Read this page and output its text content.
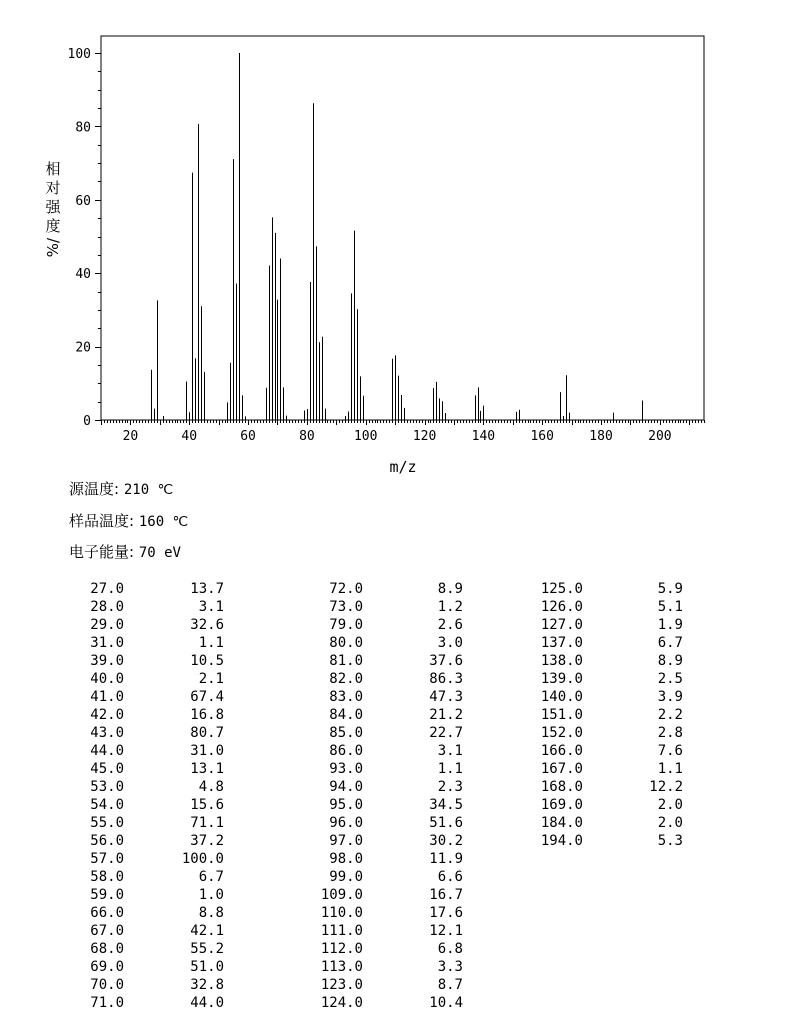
20	40	60	80	100	120	140	160	180	200
0
20
40
60
80
100
m/z
相
对
强
度
%/
源温度: 210 ℃
样品温度: 160 ℃
电子能量: 70 eV
27.0	13.7
28.0	3.1
29.0	32.6
31.0	1.1
39.0	10.5
40.0	2.1
41.0	67.4
42.0	16.8
43.0	80.7
44.0	31.0
45.0	13.1
53.0	4.8
54.0	15.6
55.0	71.1
56.0	37.2
57.0	100.0
58.0	6.7
59.0	1.0
66.0	8.8
67.0	42.1
68.0	55.2
69.0	51.0
70.0	32.8
71.0	44.0
72.0	8.9
73.0	1.2
79.0	2.6
80.0	3.0
81.0	37.6
82.0	86.3
83.0	47.3
84.0	21.2
85.0	22.7
86.0	3.1
93.0	1.1
94.0	2.3
95.0	34.5
96.0	51.6
97.0	30.2
98.0	11.9
99.0	6.6
109.0	16.7
110.0	17.6
111.0	12.1
112.0	6.8
113.0	3.3
123.0	8.7
124.0	10.4
125.0	5.9
126.0	5.1
127.0	1.9
137.0	6.7
138.0	8.9
139.0	2.5
140.0	3.9
151.0	2.2
152.0	2.8
166.0	7.6
167.0	1.1
168.0	12.2
169.0	2.0
184.0	2.0
194.0	5.3
